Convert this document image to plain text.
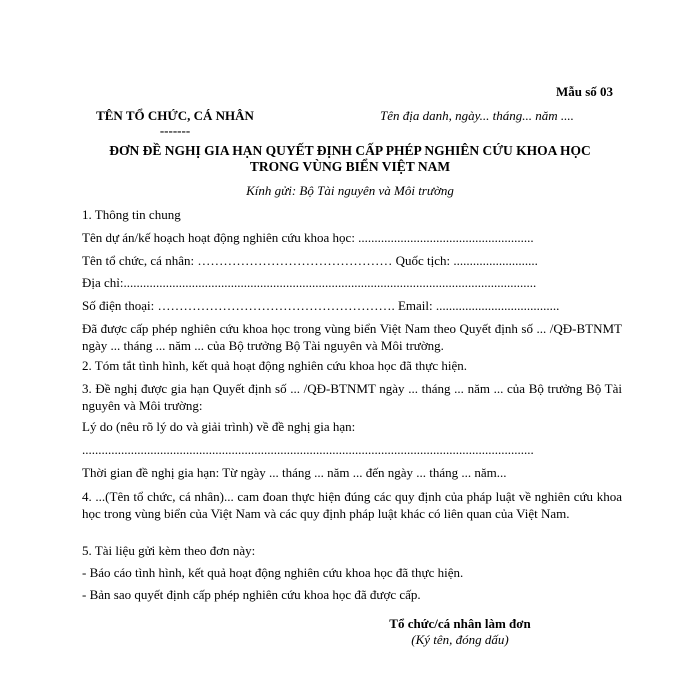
Mẫu số 03
TÊN TỔ CHỨC, CÁ NHÂN
-------
Tên địa danh, ngày... tháng... năm ....
ĐƠN ĐỀ NGHỊ GIA HẠN QUYẾT ĐỊNH CẤP PHÉP NGHIÊN CỨU KHOA HỌC
TRONG VÙNG BIỂN VIỆT NAM
Kính gửi: Bộ Tài nguyên và Môi trường
1. Thông tin chung
Tên dự án/kế hoạch hoạt động nghiên cứu khoa học: ......................................................
Tên tổ chức, cá nhân: ……………………………………… Quốc tịch: ..........................
Địa chỉ:...............................................................................................................................
Số điện thoại: ………………………………………………. Email: ......................................
Đã được cấp phép nghiên cứu khoa học trong vùng biển Việt Nam theo Quyết định số ... /QĐ-BTNMT ngày ... tháng ... năm ... của Bộ trưởng Bộ Tài nguyên và Môi trường.
2. Tóm tắt tình hình, kết quả hoạt động nghiên cứu khoa học đã thực hiện.
3. Đề nghị được gia hạn Quyết định số ... /QĐ-BTNMT ngày ... tháng ... năm ... của Bộ trưởng Bộ Tài nguyên và Môi trường:
Lý do (nêu rõ lý do và giải trình) về đề nghị gia hạn:
...........................................................................................................................................
Thời gian đề nghị gia hạn: Từ ngày ... tháng ... năm ... đến ngày ... tháng ... năm...
4. ...(Tên tổ chức, cá nhân)... cam đoan thực hiện đúng các quy định của pháp luật về nghiên cứu khoa học trong vùng biển của Việt Nam và các quy định pháp luật khác có liên quan của Việt Nam.
5. Tài liệu gửi kèm theo đơn này:
- Báo cáo tình hình, kết quả hoạt động nghiên cứu khoa học đã thực hiện.
- Bản sao quyết định cấp phép nghiên cứu khoa học đã được cấp.
Tổ chức/cá nhân làm đơn
(Ký tên, đóng dấu)
